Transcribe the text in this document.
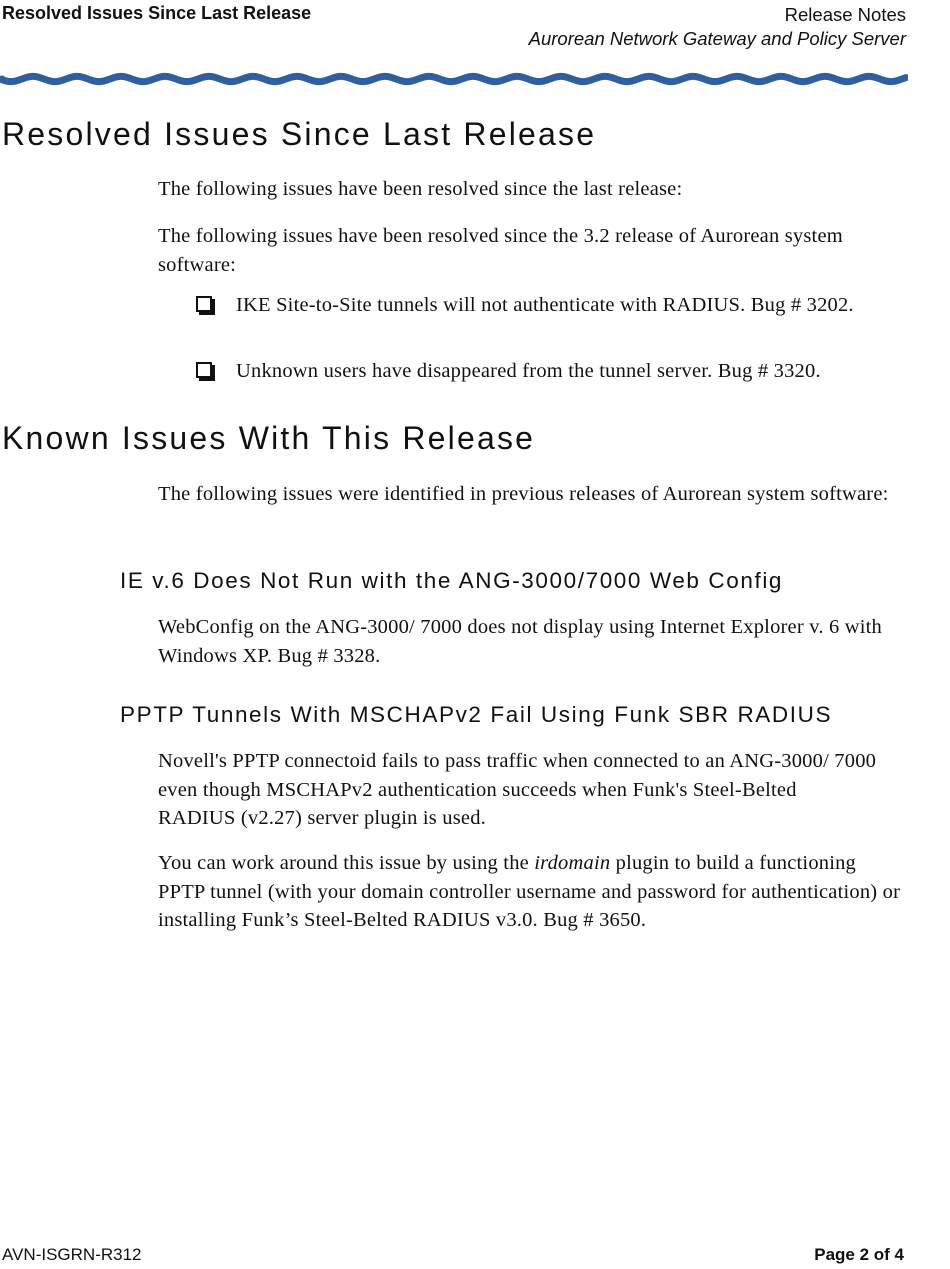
Resolved Issues Since Last Release	Release Notes
Aurorean Network Gateway and Policy Server
Resolved Issues Since Last Release

The following issues have been resolved since the last release:

The following issues have been resolved since the 3.2 release of Aurorean system software:

IKE Site-to-Site tunnels will not authenticate with RADIUS. Bug # 3202.
Unknown users have disappeared from the tunnel server. Bug # 3320.
Known Issues With This Release

The following issues were identified in previous releases of Aurorean system software:

IE v.6 Does Not Run with the ANG-3000/7000 Web Config

WebConfig on the ANG-3000/ 7000 does not display using Internet Explorer v. 6 with Windows XP. Bug # 3328.

PPTP Tunnels With MSCHAPv2 Fail Using Funk SBR RADIUS

Novell's PPTP connectoid fails to pass traffic when connected to an ANG-3000/ 7000 even though MSCHAPv2 authentication succeeds when Funk's Steel-Belted RADIUS (v2.27) server plugin is used.

You can work around this issue by using the irdomain plugin to build a functioning PPTP tunnel (with your domain controller username and password for authentication) or installing Funk’s Steel-Belted RADIUS v3.0. Bug # 3650.

AVN-ISGRN-R312	Page 2 of 4
